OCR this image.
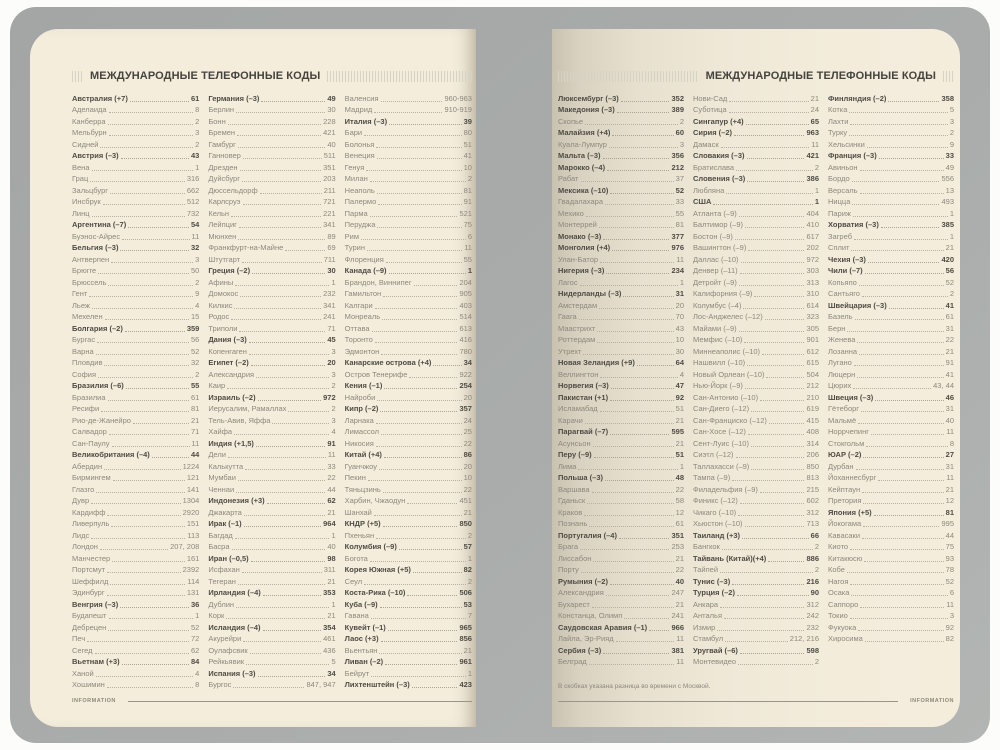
МЕЖДУНАРОДНЫЕ ТЕЛЕФОННЫЕ КОДЫ
Австралия (+7)	61
Аделаида	8
Канберра	2
Мельбурн	3
Сидней	2
Австрия (–3)	43
Вена	1
Грац	316
Зальцбург	662
Инсбрук	512
Линц	732
Аргентина (–7)	54
Буэнос-Айрес	11
Бельгия (–3)	32
Антверпен	3
Брюгге	50
Брюссель	2
Гент	9
Льеж	4
Мехелен	15
Болгария (–2)	359
Бургас	56
Варна	52
Пловдив	32
София	2
Бразилия (–6)	55
Бразилиа	61
Ресифи	81
Рио-де-Жанейро	21
Салвадор	71
Сан-Паулу	11
Великобритания (–4)	44
Абердин	1224
Бирмингем	121
Глазго	141
Дувр	1304
Кардифф	2920
Ливерпуль	151
Лидс	113
Лондон	207, 208
Манчестер	161
Портсмут	2392
Шеффилд	114
Эдинбург	131
Венгрия (–3)	36
Будапешт	1
Дебрецен	52
Печ	72
Сегед	62
Вьетнам (+3)	84
Ханой	4
Хошимин	8
Германия (–3)	49
Берлин	30
Бонн	228
Бремен	421
Гамбург	40
Ганновер	511
Дрезден	351
Дуйсбург	203
Дюссельдорф	211
Карлсруэ	721
Кельн	221
Лейпциг	341
Мюнхен	89
Франкфурт-на-Майне	69
Штутгарт	711
Греция (–2)	30
Афины	1
Домокос	232
Килкис	341
Родос	241
Триполи	71
Дания (–3)	45
Копенгаген	3
Египет (–2)	20
Александрия	3
Каир	2
Израиль (–2)	972
Иерусалим, Рамаллах	2
Тель-Авив, Яффа	3
Хайфа	4
Индия (+1,5)	91
Дели	11
Калькутта	33
Мумбаи	22
Ченнаи	44
Индонезия (+3)	62
Джакарта	21
Ирак (–1)	964
Багдад	1
Басра	40
Иран (–0,5)	98
Исфахан	311
Тегеран	21
Ирландия (–4)	353
Дублин	1
Корк	21
Исландия (–4)	354
Акурейри	461
Оулафсвик	436
Рейкьявик	5
Испания (–3)	34
Бургос	847, 947
Валенсия	960-963
Мадрид	910-919
Италия (–3)	39
Бари	80
Болонья	51
Венеция	41
Генуя	10
Милан	2
Неаполь	81
Палермо	91
Парма	521
Перуджа	75
Рим	6
Турин	11
Флоренция	55
Канада (–9)	1
Брандон, Виннипег	204
Гамильтон	905
Калгари	403
Монреаль	514
Оттава	613
Торонто	416
Эдмонтон	780
Канарские острова (+4)	34
Остров Тенерифе	922
Кения (–1)	254
Найроби	20
Кипр (–2)	357
Ларнака	24
Лимассол	25
Никосия	22
Китай (+4)	86
Гуанчжоу	20
Пекин	10
Тяньцзинь	22
Харбин, Чжаодун	451
Шанхай	21
КНДР (+5)	850
Пхеньян	2
Колумбия (–9)	57
Богота	1
Корея Южная (+5)	82
Сеул	2
Коста-Рика (–10)	506
Куба (–9)	53
Гавана	7
Кувейт (–1)	965
Лаос (+3)	856
Вьентьян	21
Ливан (–2)	961
Бейрут	1
Лихтенштейн (–3)	423
INFORMATION
МЕЖДУНАРОДНЫЕ ТЕЛЕФОННЫЕ КОДЫ
Люксембург (–3)	352
Македония (–3)	389
Скопье	2
Малайзия (+4)	60
Куала-Лумпур	3
Мальта (–3)	356
Марокко (–4)	212
Рабат	37
Мексика (–10)	52
Гвадалахара	33
Мехико	55
Монтеррей	81
Монако (–3)	377
Монголия (+4)	976
Улан-Батор	11
Нигерия (–3)	234
Лагос	1
Нидерланды (–3)	31
Амстердам	20
Гаага	70
Маастрихт	43
Роттердам	10
Утрехт	30
Новая Зеландия (+9)	64
Веллингтон	4
Норвегия (–3)	47
Пакистан (+1)	92
Исламабад	51
Карачи	21
Парагвай (–7)	595
Асунсьон	21
Перу (–9)	51
Лима	1
Польша (–3)	48
Варшава	22
Гданьск	58
Краков	12
Познань	61
Португалия (–4)	351
Брага	253
Лиссабон	21
Порту	22
Румыния (–2)	40
Александрия	247
Бухарест	21
Констанца, Олимп	241
Саудовская Аравия (–1)	966
Лайла, Эр-Рияд	11
Сербия (–3)	381
Белград	11
Нови-Сад	21
Суботица	24
Сингапур (+4)	65
Сирия (–2)	963
Дамаск	11
Словакия (–3)	421
Братислава	2
Словения (–3)	386
Любляна	1
США	1
Атланта (–9)	404
Балтимор (–9)	410
Бостон (–9)	617
Вашингтон (–9)	202
Даллас (–10)	972
Денвер (–11)	303
Детройт (–9)	313
Калифорния (–9)	310
Колумбус (–4)	614
Лос-Анджелес (–12)	323
Майами (–9)	305
Мемфис (–10)	901
Миннеаполис (–10)	612
Нашвилл (–10)	615
Новый Орлеан (–10)	504
Нью-Йорк (–9)	212
Сан-Антонио (–10)	210
Сан-Диего (–12)	619
Сан-Франциско (–12)	415
Сан-Хосе (–12)	408
Сент-Луис (–10)	314
Сиэтл (–12)	206
Таллахасси (–9)	850
Тампа (–9)	813
Филадельфия (–9)	215
Финикс (–12)	602
Чикаго (–10)	312
Хьюстон (–10)	713
Таиланд (+3)	66
Бангкок	2
Тайвань (Китай)(+4)	886
Тайпей	2
Тунис (–3)	216
Турция (–2)	90
Анкара	312
Анталья	242
Измир	232
Стамбул	212, 216
Уругвай (–6)	598
Монтевидео	2
Финляндия (–2)	358
Котка	5
Лахти	3
Турку	2
Хельсинки	9
Франция (–3)	33
Авиньон	49
Бордо	556
Версаль	13
Ницца	493
Париж	1
Хорватия (–3)	385
Загреб	1
Сплит	21
Чехия (–3)	420
Чили (–7)	56
Копьяпо	52
Сантьяго	2
Швейцария (–3)	41
Базель	61
Берн	31
Женева	22
Лозанна	21
Лугано	91
Люцерн	41
Цюрих	43, 44
Швеция (–3)	46
Гётеборг	31
Мальмё	40
Норрчепинг	11
Стокгольм	8
ЮАР (–2)	27
Дурбан	31
Йоханнесбург	11
Кейптаун	21
Претория	12
Япония (+5)	81
Йокогама	995
Кавасаки	44
Киото	75
Китакюсю	93
Кобе	78
Нагоя	52
Осака	6
Саппоро	11
Токио	3
Фукуока	92
Хиросима	82
В скобках указана разница во времени с Москвой.
INFORMATION
